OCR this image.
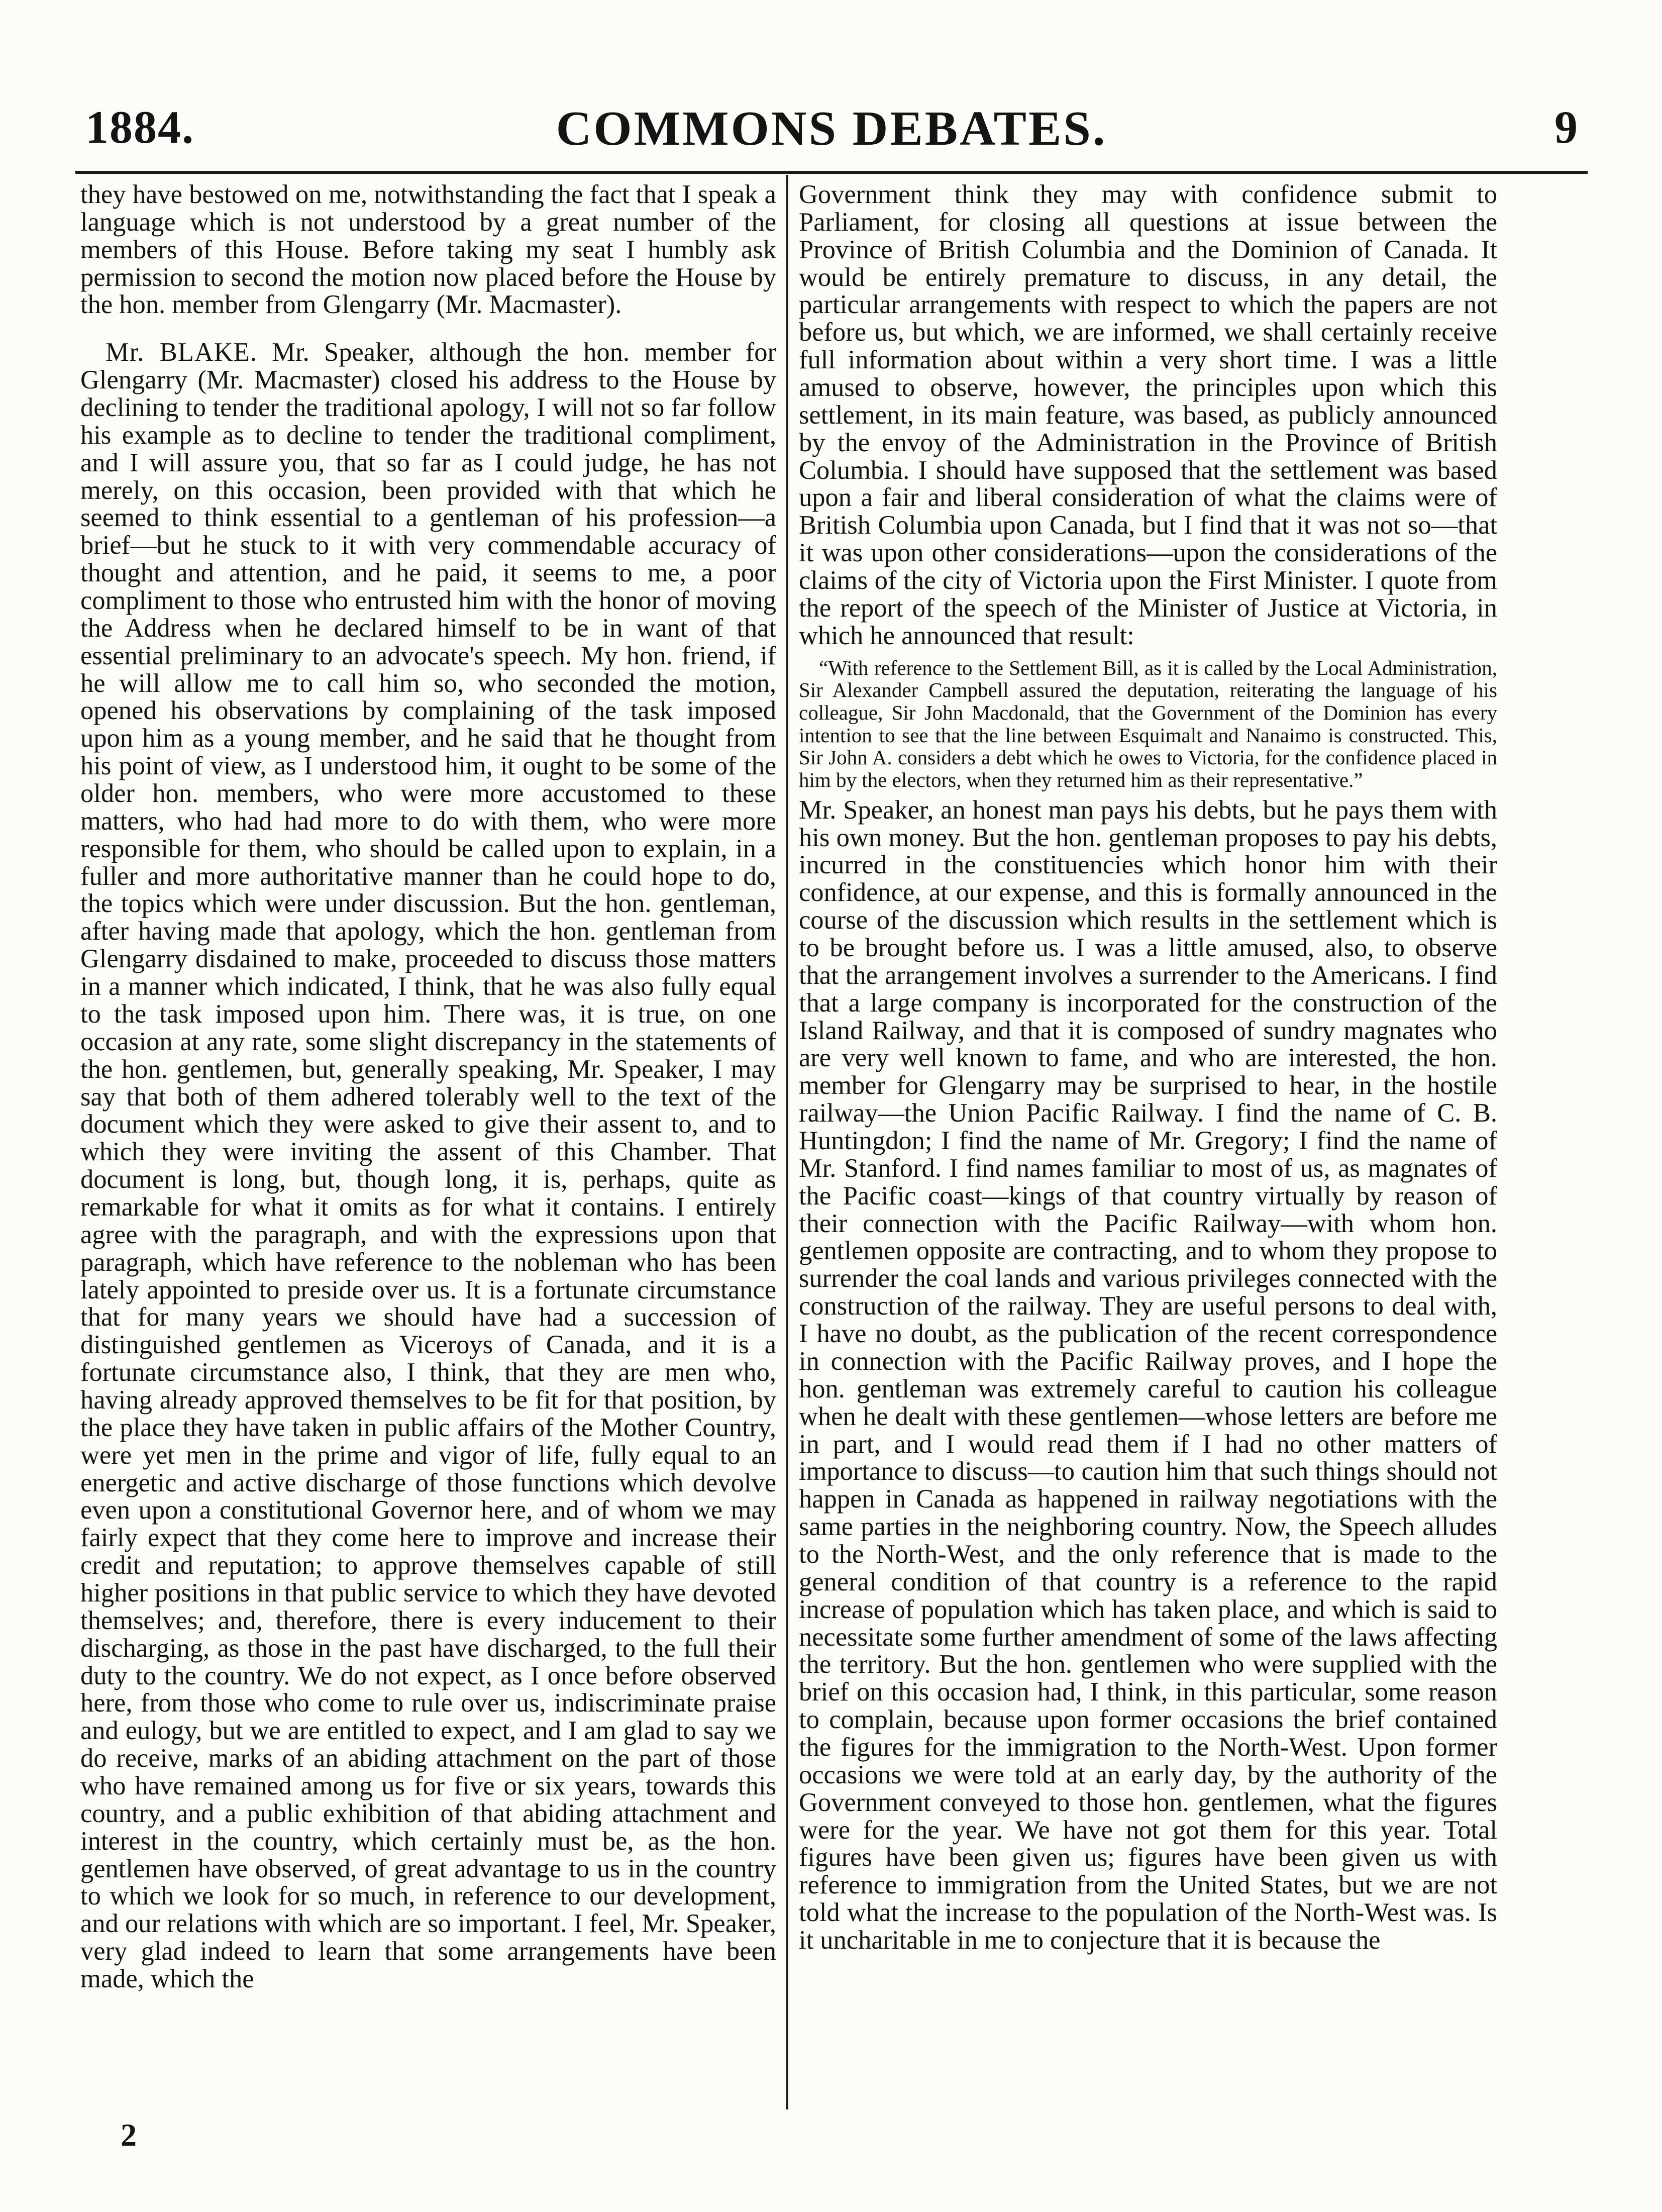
1884.	COMMONS DEBATES.	9

they have bestowed on me, notwithstanding the fact that I speak a language which is not understood by a great number of the members of this House. Before taking my seat I humbly ask permission to second the motion now placed before the House by the hon. member from Glengarry (Mr. Macmaster).

Mr. BLAKE. Mr. Speaker, although the hon. member for Glengarry (Mr. Macmaster) closed his address to the House by declining to tender the traditional apology, I will not so far follow his example as to decline to tender the traditional compliment, and I will assure you, that so far as I could judge, he has not merely, on this occasion, been provided with that which he seemed to think essential to a gentleman of his profession—a brief—but he stuck to it with very commendable accuracy of thought and attention, and he paid, it seems to me, a poor compliment to those who entrusted him with the honor of moving the Address when he declared himself to be in want of that essential preliminary to an advocate's speech. My hon. friend, if he will allow me to call him so, who seconded the motion, opened his observations by complaining of the task imposed upon him as a young member, and he said that he thought from his point of view, as I understood him, it ought to be some of the older hon. members, who were more accustomed to these matters, who had had more to do with them, who were more responsible for them, who should be called upon to explain, in a fuller and more authoritative manner than he could hope to do, the topics which were under discussion. But the hon. gentleman, after having made that apology, which the hon. gentleman from Glengarry disdained to make, proceeded to discuss those matters in a manner which indicated, I think, that he was also fully equal to the task imposed upon him. There was, it is true, on one occasion at any rate, some slight discrepancy in the statements of the hon. gentlemen, but, generally speaking, Mr. Speaker, I may say that both of them adhered tolerably well to the text of the document which they were asked to give their assent to, and to which they were inviting the assent of this Chamber. That document is long, but, though long, it is, perhaps, quite as remarkable for what it omits as for what it contains. I entirely agree with the paragraph, and with the expressions upon that paragraph, which have reference to the nobleman who has been lately appointed to preside over us. It is a fortunate circumstance that for many years we should have had a succession of distinguished gentlemen as Viceroys of Canada, and it is a fortunate circumstance also, I think, that they are men who, having already approved themselves to be fit for that position, by the place they have taken in public affairs of the Mother Country, were yet men in the prime and vigor of life, fully equal to an energetic and active discharge of those functions which devolve even upon a constitutional Governor here, and of whom we may fairly expect that they come here to improve and increase their credit and reputation; to approve themselves capable of still higher positions in that public service to which they have devoted themselves; and, therefore, there is every inducement to their discharging, as those in the past have discharged, to the full their duty to the country. We do not expect, as I once before observed here, from those who come to rule over us, indiscriminate praise and eulogy, but we are entitled to expect, and I am glad to say we do receive, marks of an abiding attachment on the part of those who have remained among us for five or six years, towards this country, and a public exhibition of that abiding attachment and interest in the country, which certainly must be, as the hon. gentlemen have observed, of great advantage to us in the country to which we look for so much, in reference to our development, and our relations with which are so important. I feel, Mr. Speaker, very glad indeed to learn that some arrangements have been made, which the

Government think they may with confidence submit to Parliament, for closing all questions at issue between the Province of British Columbia and the Dominion of Canada. It would be entirely premature to discuss, in any detail, the particular arrangements with respect to which the papers are not before us, but which, we are informed, we shall certainly receive full information about within a very short time. I was a little amused to observe, however, the principles upon which this settlement, in its main feature, was based, as publicly announced by the envoy of the Administration in the Province of British Columbia. I should have supposed that the settlement was based upon a fair and liberal consideration of what the claims were of British Columbia upon Canada, but I find that it was not so—that it was upon other considerations—upon the considerations of the claims of the city of Victoria upon the First Minister. I quote from the report of the speech of the Minister of Justice at Victoria, in which he announced that result:

“With reference to the Settlement Bill, as it is called by the Local Administration, Sir Alexander Campbell assured the deputation, reiterating the language of his colleague, Sir John Macdonald, that the Government of the Dominion has every intention to see that the line between Esquimalt and Nanaimo is constructed. This, Sir John A. considers a debt which he owes to Victoria, for the confidence placed in him by the electors, when they returned him as their representative.”

Mr. Speaker, an honest man pays his debts, but he pays them with his own money. But the hon. gentleman proposes to pay his debts, incurred in the constituencies which honor him with their confidence, at our expense, and this is formally announced in the course of the discussion which results in the settlement which is to be brought before us. I was a little amused, also, to observe that the arrangement involves a surrender to the Americans. I find that a large company is incorporated for the construction of the Island Railway, and that it is composed of sundry magnates who are very well known to fame, and who are interested, the hon. member for Glengarry may be surprised to hear, in the hostile railway—the Union Pacific Railway. I find the name of C. B. Huntingdon; I find the name of Mr. Gregory; I find the name of Mr. Stanford. I find names familiar to most of us, as magnates of the Pacific coast—kings of that country virtually by reason of their connection with the Pacific Railway—with whom hon. gentlemen opposite are contracting, and to whom they propose to surrender the coal lands and various privileges connected with the construction of the railway. They are useful persons to deal with, I have no doubt, as the publication of the recent correspondence in connection with the Pacific Railway proves, and I hope the hon. gentleman was extremely careful to caution his colleague when he dealt with these gentlemen—whose letters are before me in part, and I would read them if I had no other matters of importance to discuss—to caution him that such things should not happen in Canada as happened in railway negotiations with the same parties in the neighboring country. Now, the Speech alludes to the North-West, and the only reference that is made to the general condition of that country is a reference to the rapid increase of population which has taken place, and which is said to necessitate some further amendment of some of the laws affecting the territory. But the hon. gentlemen who were supplied with the brief on this occasion had, I think, in this particular, some reason to complain, because upon former occasions the brief contained the figures for the immigration to the North-West. Upon former occasions we were told at an early day, by the authority of the Government conveyed to those hon. gentlemen, what the figures were for the year. We have not got them for this year. Total figures have been given us; figures have been given us with reference to immigration from the United States, but we are not told what the increase to the population of the North-West was. Is it uncharitable in me to conjecture that it is because the

2
